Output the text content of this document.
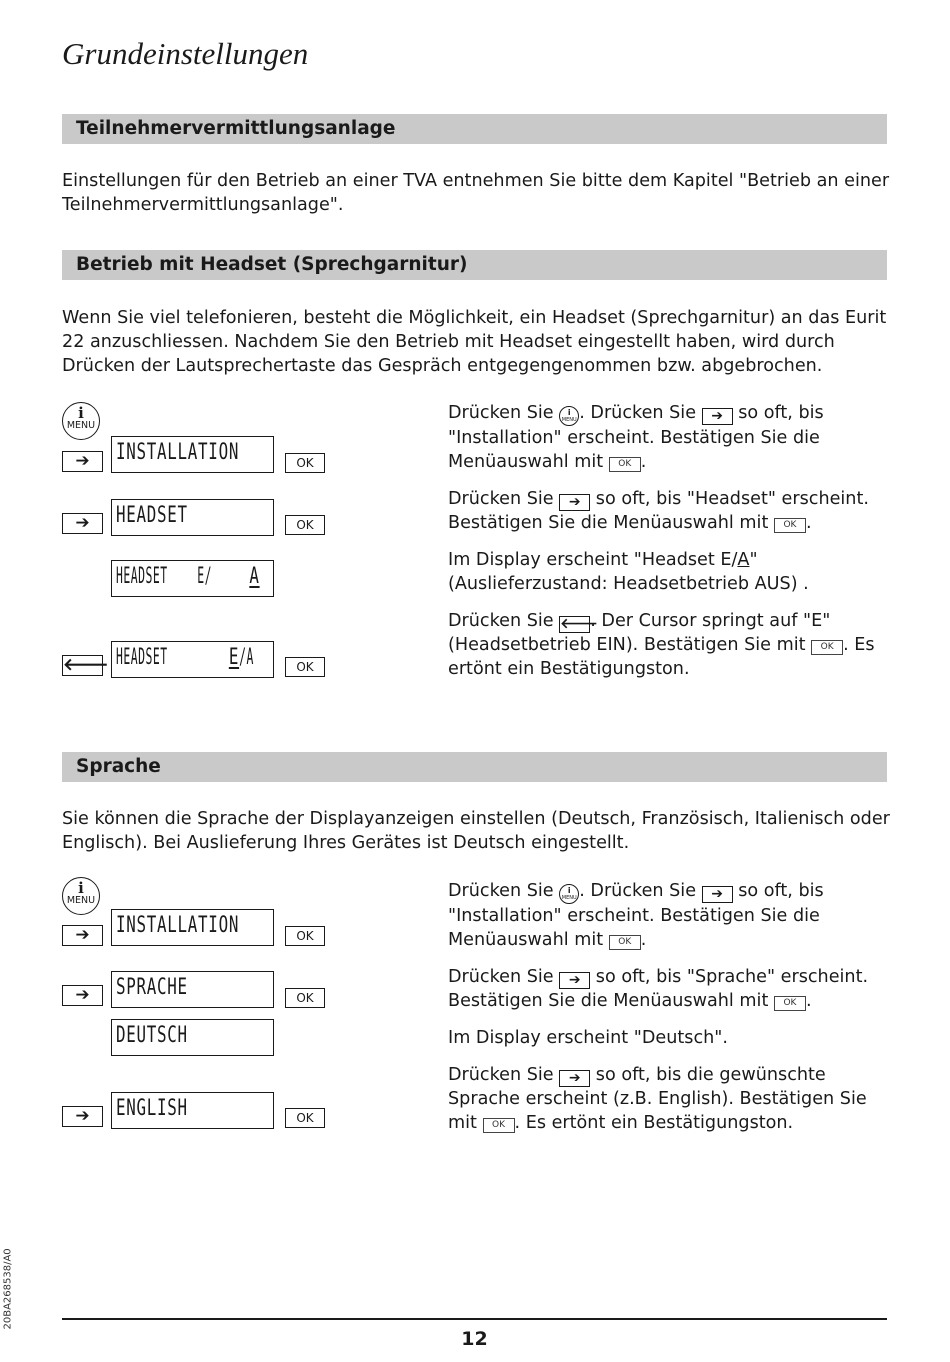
Grundeinstellungen
Teilnehmervermittlungsanlage

Einstellungen für den Betrieb an einer TVA entnehmen Sie bitte dem Kapitel "Betrieb an einer Teilnehmervermittlungsanlage".

Betrieb mit Headset (Sprechgarnitur)

Wenn Sie viel telefonieren, besteht die Möglichkeit, ein Headset (Sprechgarnitur) an das Eurit 22 anzuschliessen. Nachdem Sie den Betrieb mit Headset eingestellt haben, wird durch Drücken der Lautsprechertaste das Gespräch entgegengenommen bzw. abgebrochen.

i
MENU
INSTALLATION
➔	OK
HEADSET
➔	OK
HEADSET    E/ A
HEADSET    E/A
🡐	OK

Drücken Sie	i
MENU . Drücken Sie ➔ so oft, bis "Installation" erscheint. Bestätigen Sie die Menüauswahl mit OK .

Drücken Sie ➔ so oft, bis "Headset" erscheint. Bestätigen Sie die Menüauswahl mit OK .

Im Display erscheint "Headset E/A" (Auslieferzustand: Headsetbetrieb AUS) .

Drücken Sie 🡐. Der Cursor springt auf "E" (Headsetbetrieb EIN). Bestätigen Sie mit OK . Es ertönt ein Bestätigungston.

Sprache

Sie können die Sprache der Displayanzeigen einstellen (Deutsch, Französisch, Italienisch oder Englisch). Bei Auslieferung Ihres Gerätes ist Deutsch eingestellt.

i
MENU
INSTALLATION
➔	OK
SPRACHE
➔	OK
DEUTSCH
ENGLISH
➔	OK

Drücken Sie	i
MENU . Drücken Sie ➔ so oft, bis "Installation" erscheint. Bestätigen Sie die Menüauswahl mit OK .

Drücken Sie ➔ so oft, bis "Sprache" erscheint. Bestätigen Sie die Menüauswahl mit OK .

Im Display erscheint "Deutsch".

Drücken Sie ➔ so oft, bis die gewünschte Sprache erscheint (z.B. English). Bestätigen Sie mit OK . Es ertönt ein Bestätigungston.

20BA268538/A0
12
